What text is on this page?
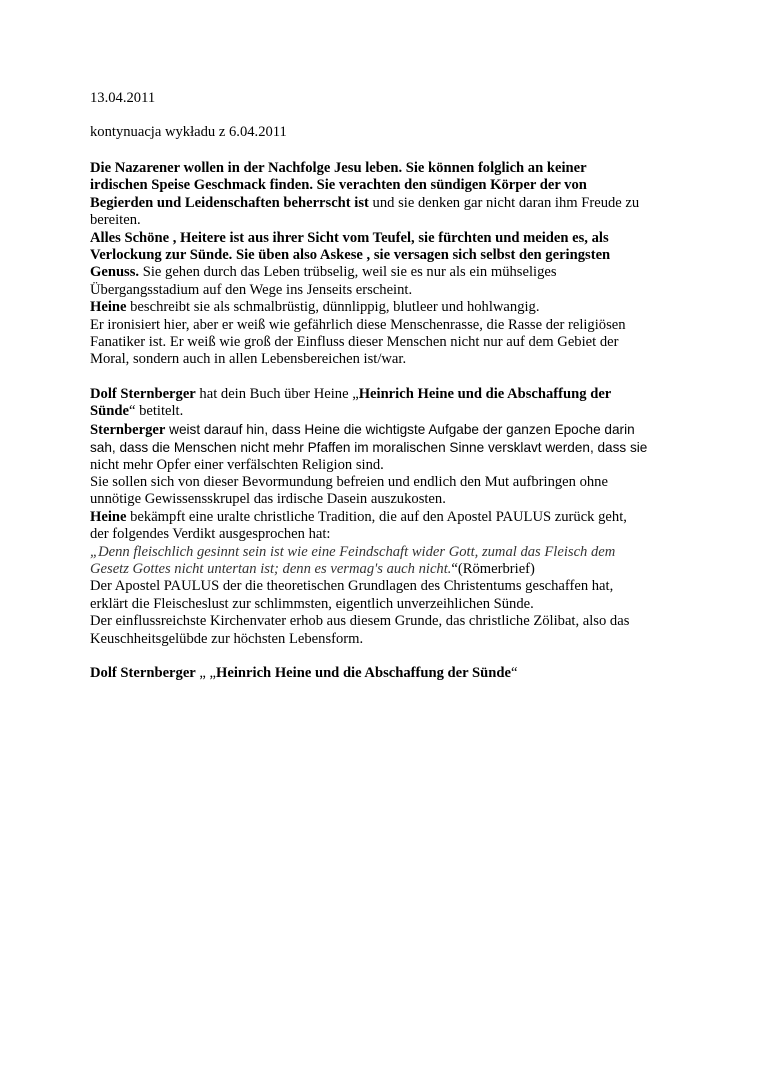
13.04.2011
kontynuacja wykładu z 6.04.2011
Die Nazarener wollen in der Nachfolge Jesu leben. Sie können folglich an keiner
irdischen Speise Geschmack finden. Sie verachten den sündigen Körper der von
Begierden und Leidenschaften beherrscht ist und sie denken gar nicht daran ihm Freude zu
bereiten.
Alles Schöne , Heitere ist aus ihrer Sicht vom Teufel, sie fürchten und meiden es, als
Verlockung zur Sünde. Sie üben also Askese , sie versagen sich selbst den geringsten
Genuss. Sie gehen durch das Leben trübselig, weil sie es nur als ein mühseliges
Übergangsstadium auf den Wege ins Jenseits erscheint.
Heine beschreibt sie als schmalbrüstig, dünnlippig, blutleer und hohlwangig.
Er ironisiert hier, aber er weiß wie gefährlich diese Menschenrasse, die Rasse der religiösen
Fanatiker ist. Er weiß wie groß der Einfluss dieser Menschen nicht nur auf dem Gebiet der
Moral, sondern auch in allen Lebensbereichen ist/war.
Dolf Sternberger hat dein Buch über Heine „Heinrich Heine und die Abschaffung der
Sünde“ betitelt.
Sternberger weist darauf hin, dass Heine die wichtigste Aufgabe der ganzen Epoche darin
sah, dass die Menschen nicht mehr Pfaffen im moralischen Sinne versklavt werden, dass sie
nicht mehr Opfer einer verfälschten Religion sind.
Sie sollen sich von dieser Bevormundung befreien und endlich den Mut aufbringen ohne
unnötige Gewissensskrupel das irdische Dasein auszukosten.
Heine bekämpft eine uralte christliche Tradition, die auf den Apostel PAULUS zurück geht,
der folgendes Verdikt ausgesprochen hat:
„Denn fleischlich gesinnt sein ist wie eine Feindschaft wider Gott, zumal das Fleisch dem
Gesetz Gottes nicht untertan ist; denn es vermag's auch nicht.“(Römerbrief)
Der Apostel PAULUS der die theoretischen Grundlagen des Christentums geschaffen hat,
erklärt die Fleischeslust zur schlimmsten, eigentlich unverzeihlichen Sünde.
Der einflussreichste Kirchenvater erhob aus diesem Grunde, das christliche Zölibat, also das
Keuschheitsgelübde zur höchsten Lebensform.
Dolf Sternberger „ „Heinrich Heine und die Abschaffung der Sünde“
